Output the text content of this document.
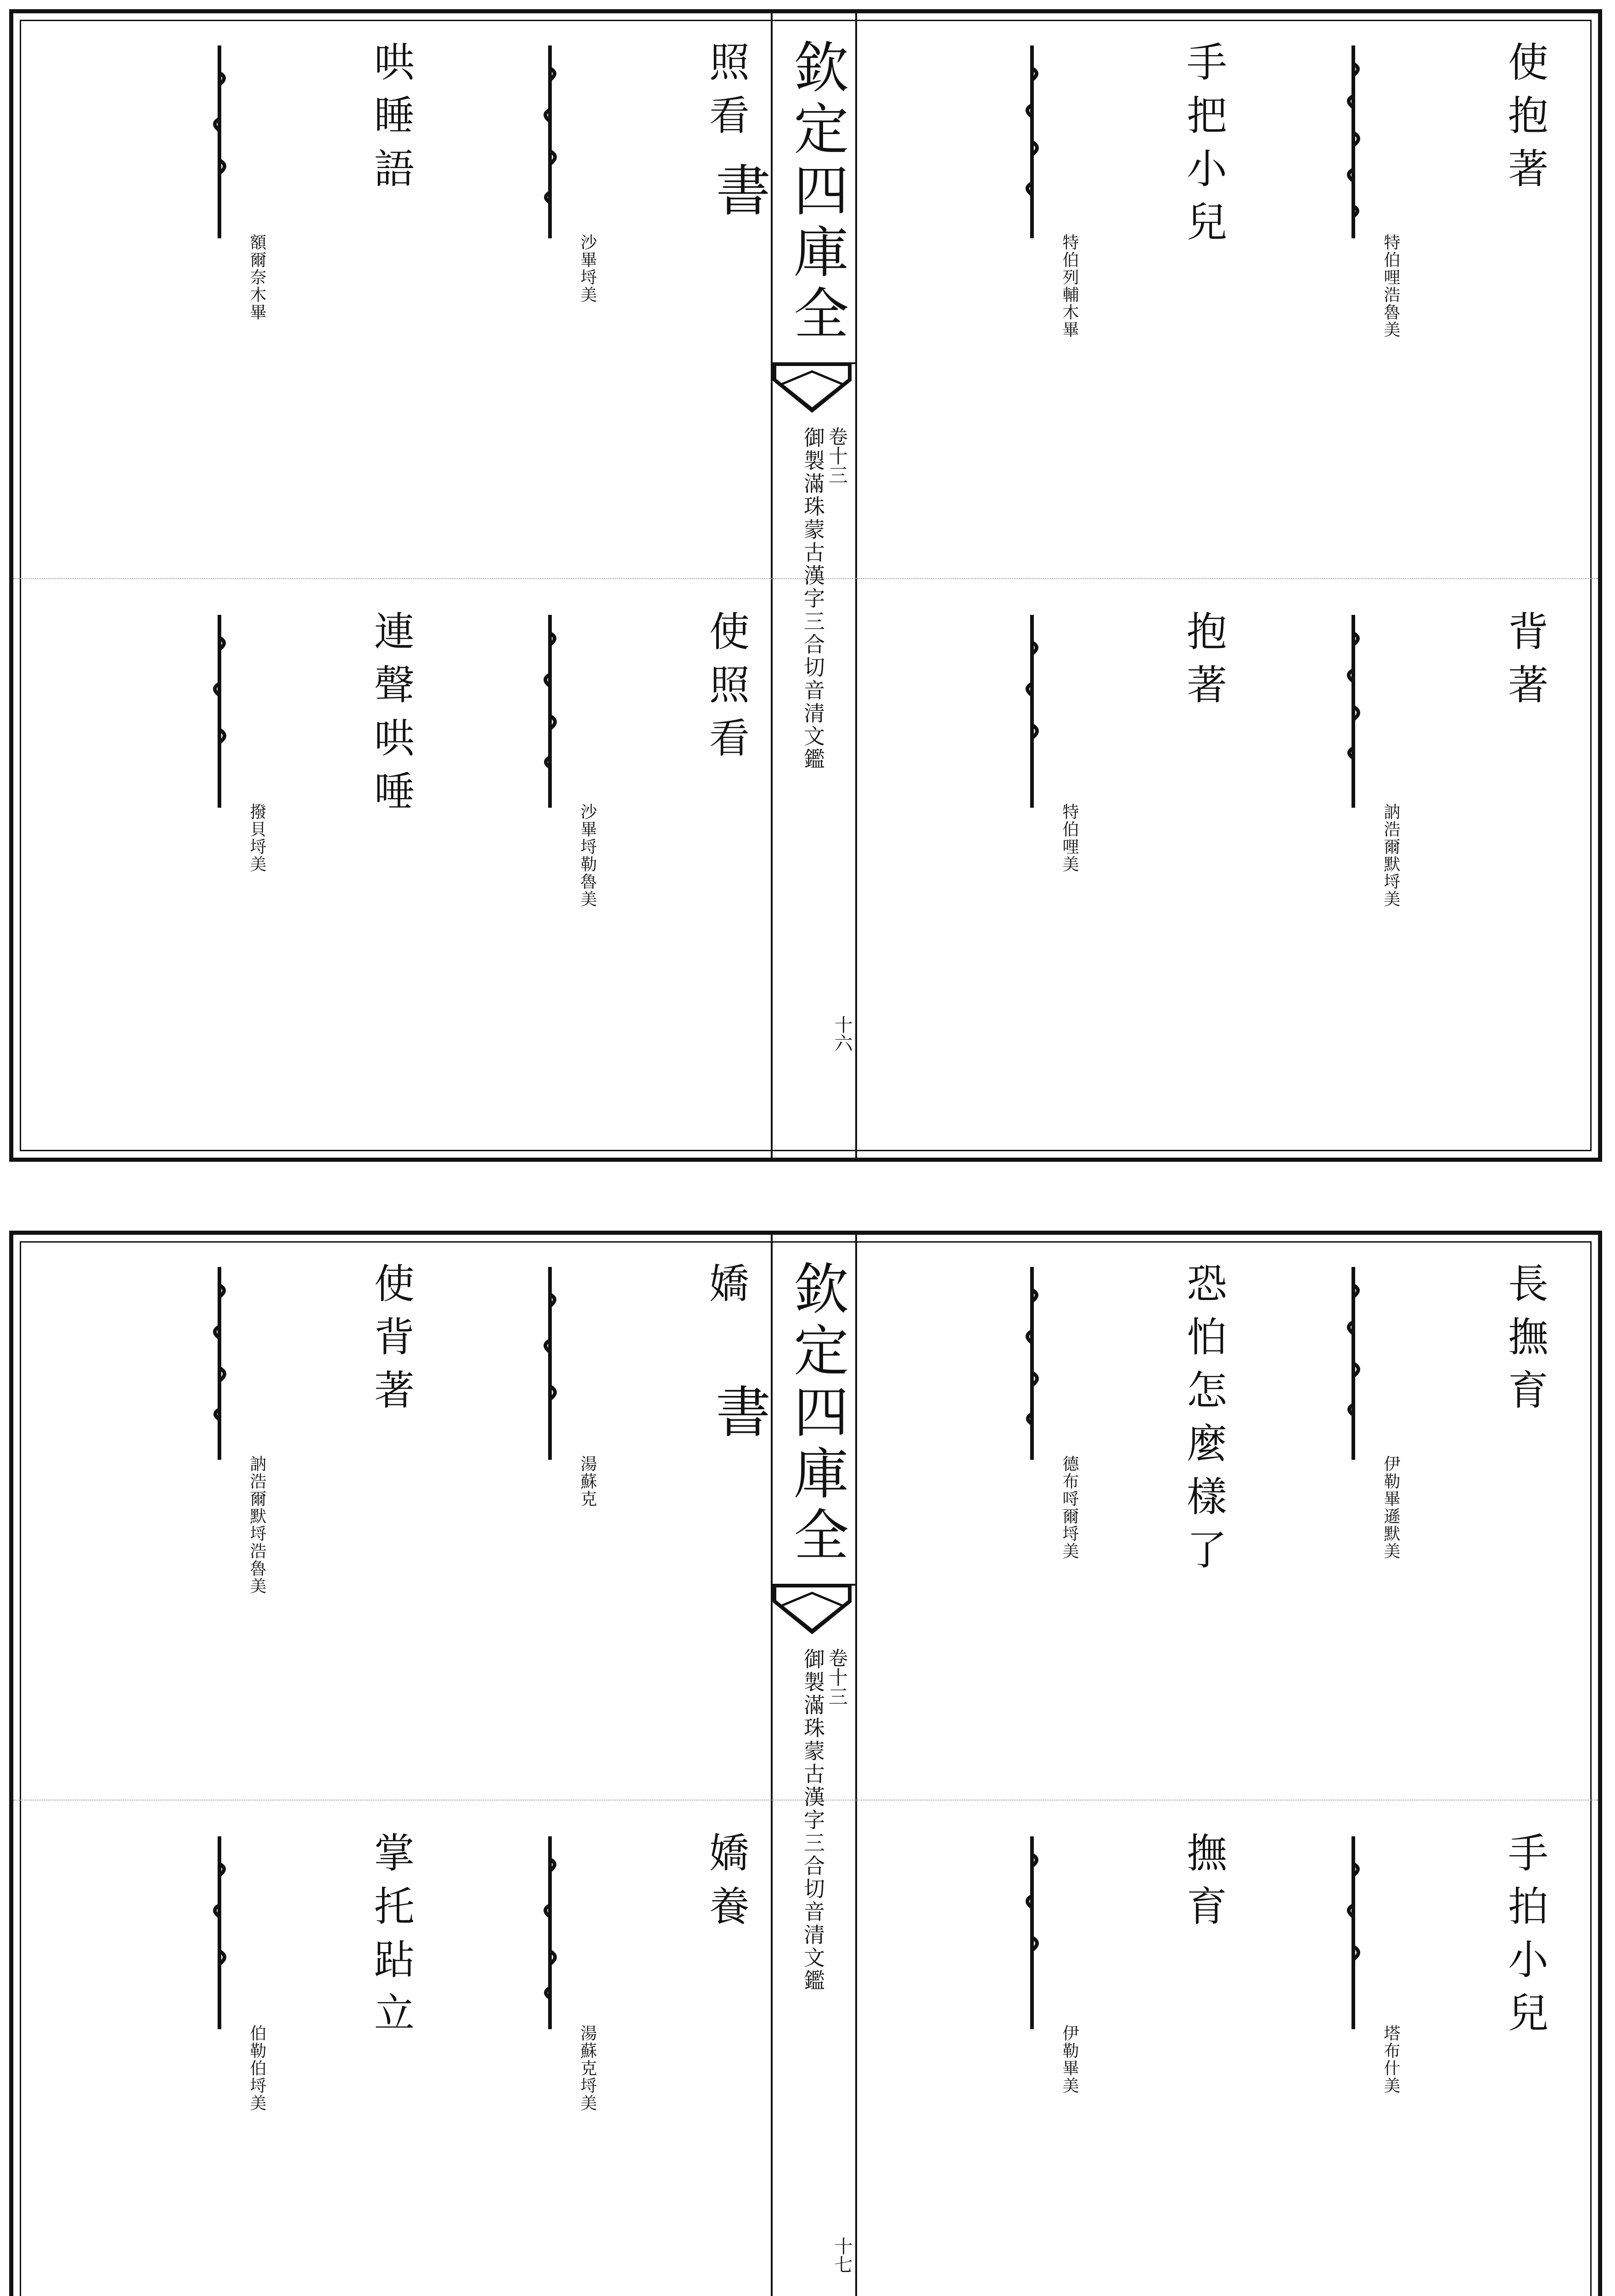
欽定四庫全書
御製滿珠蒙古漢字三合切音清文鑑 卷十三
十六
使抱著
特伯哩浩魯美
手把小兒
特伯列輔木畢
背著
訥浩爾默埒美
抱著
特伯哩美
照看
沙畢埒美
哄睡語
額爾奈木畢
使照看
沙畢埒勒魯美
連聲哄唾
撥貝埒美
欽定四庫全書
御製滿珠蒙古漢字三合切音清文鑑 卷十三
十七
長撫育
伊勒畢遜默美
恐怕怎麼樣了
德布哷爾埒美
手拍小兒
塔布什美
撫育
伊勒畢美
嬌
湯蘇克
使背著
訥浩爾默埒浩魯美
嬌養
湯蘇克埒美
掌托跕立
伯勒伯埒美
